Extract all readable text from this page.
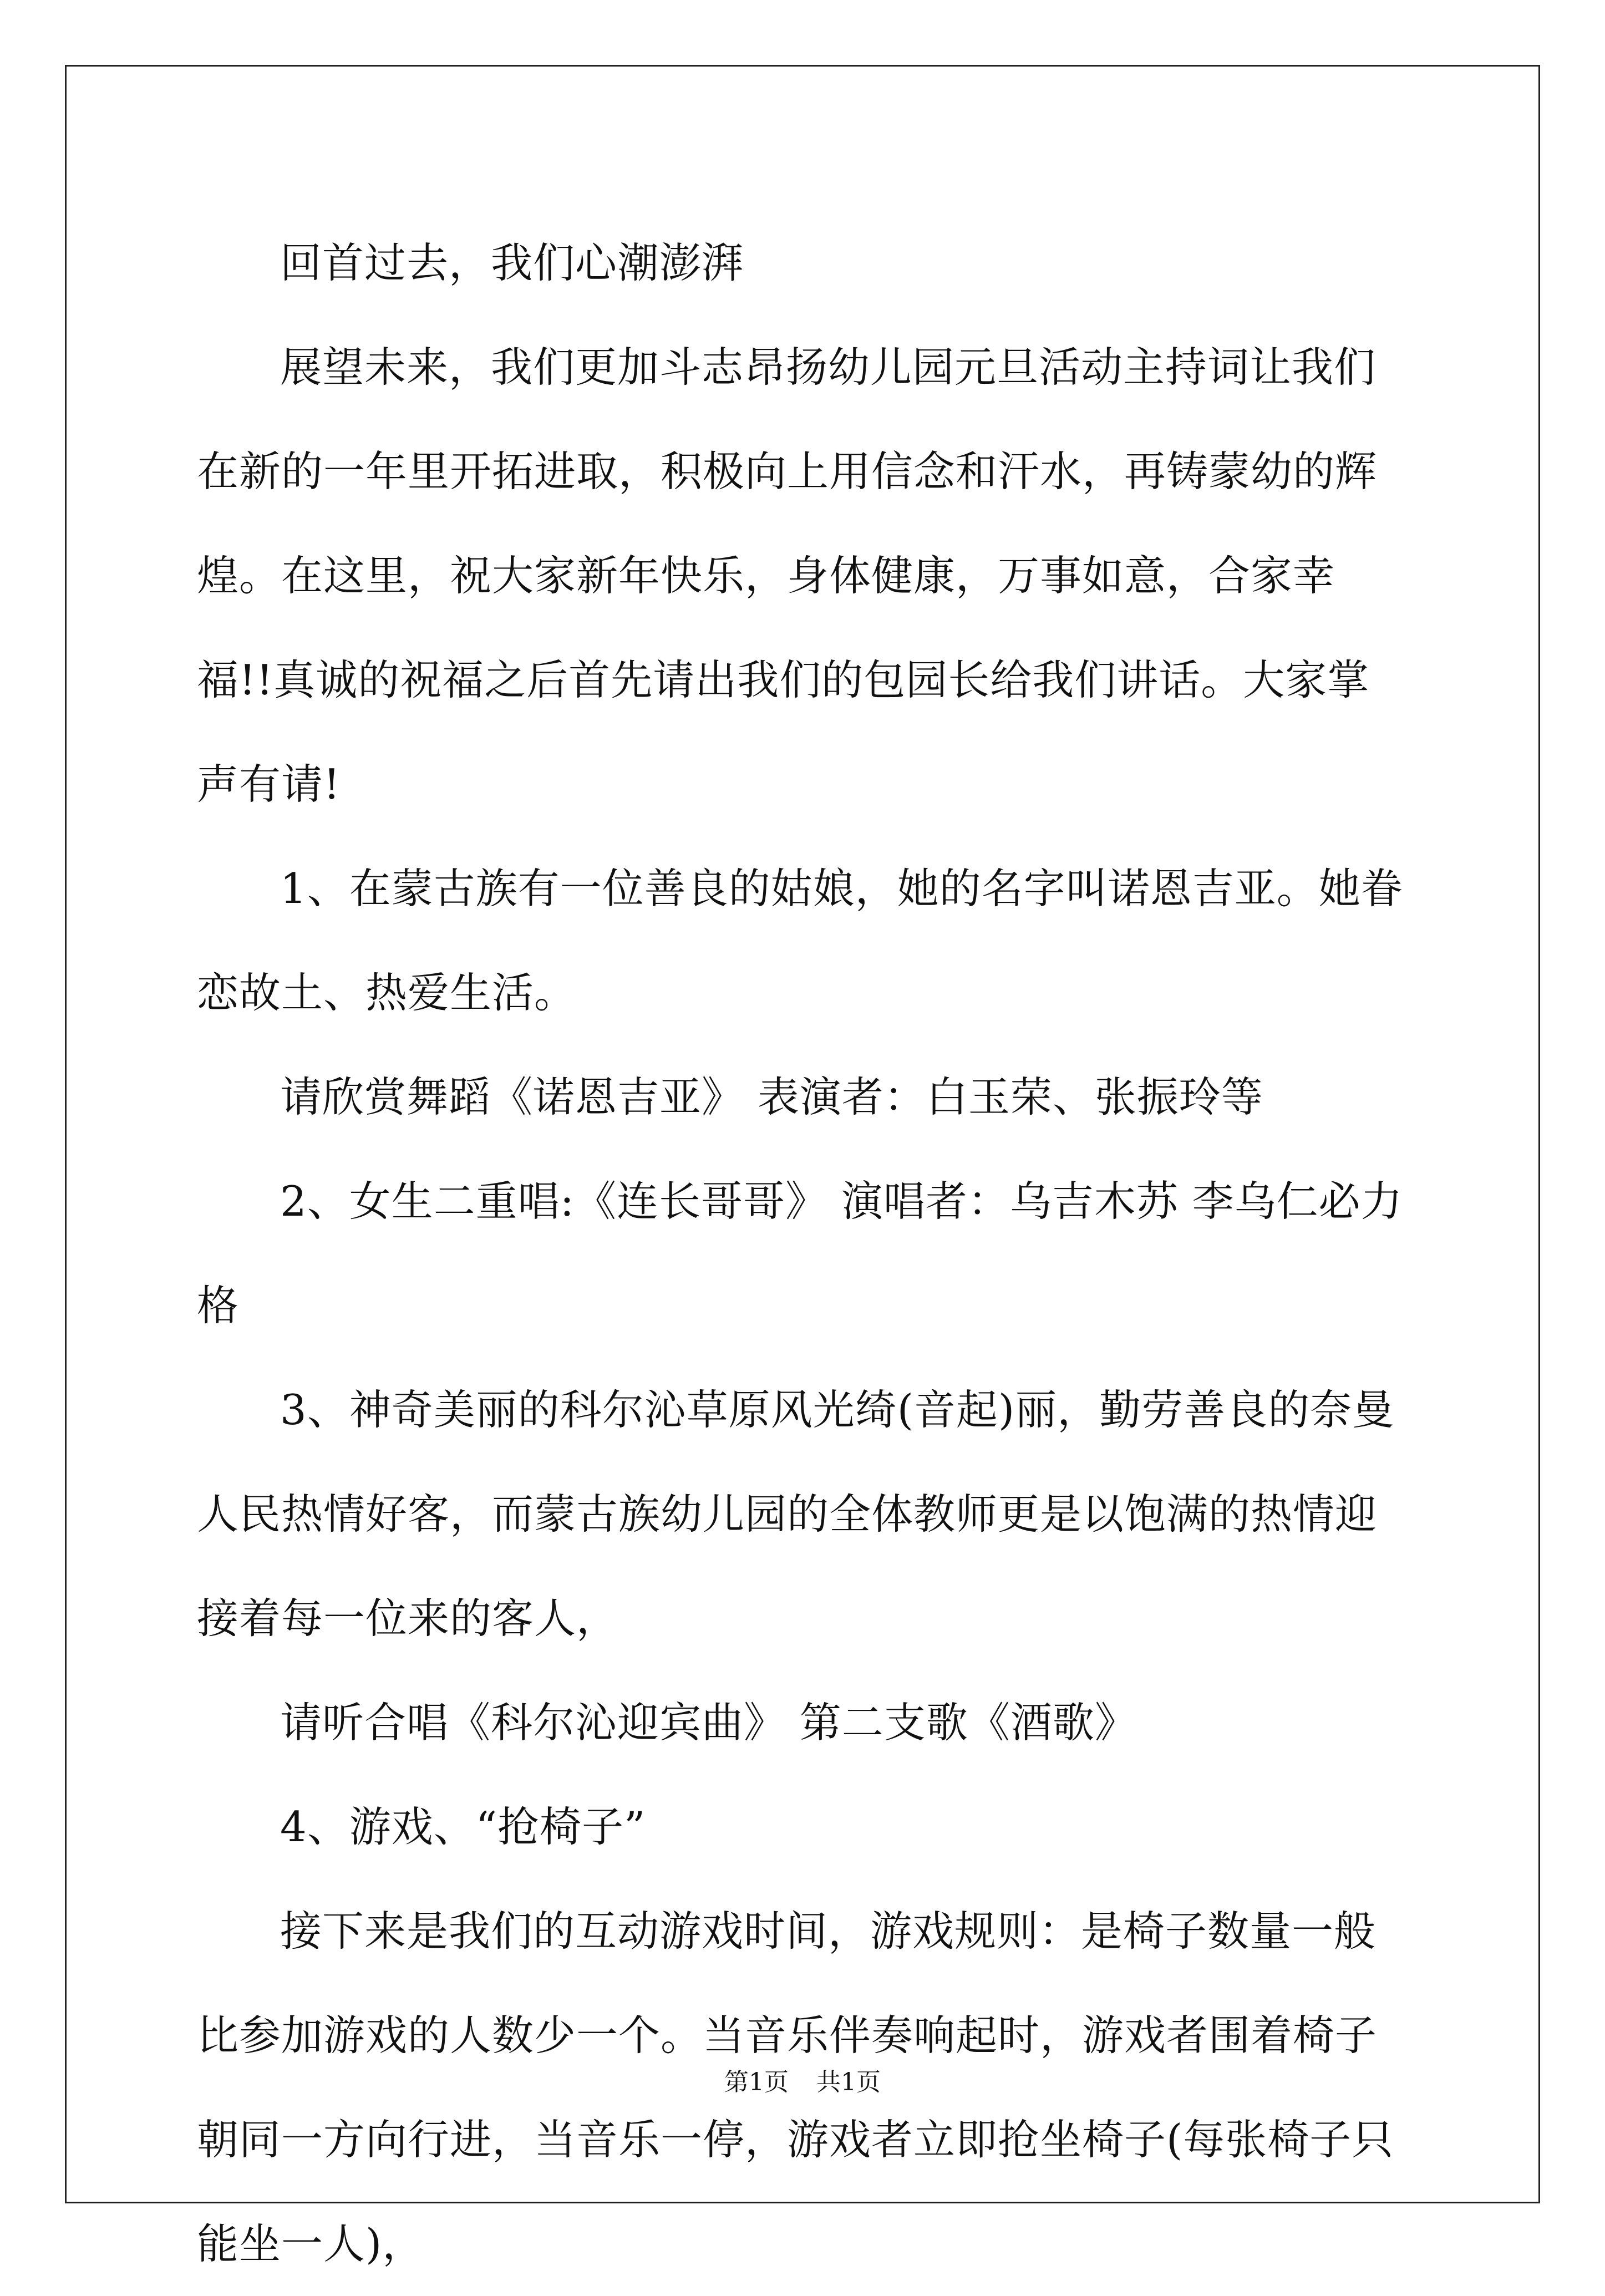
回首过去，我们心潮澎湃

展望未来，我们更加斗志昂扬幼儿园元旦活动主持词让我们在新的一年里开拓进取，积极向上用信念和汗水，再铸蒙幼的辉煌。在这里，祝大家新年快乐，身体健康，万事如意，合家幸福!!真诚的祝福之后首先请出我们的包园长给我们讲话。大家掌声有请!

1、在蒙古族有一位善良的姑娘，她的名字叫诺恩吉亚。她眷恋故土、热爱生活。

请欣赏舞蹈《诺恩吉亚》 表演者：白玉荣、张振玲等

2、女生二重唱:《连长哥哥》 演唱者：乌吉木苏 李乌仁必力格

3、神奇美丽的科尔沁草原风光绮(音起)丽，勤劳善良的奈曼人民热情好客，而蒙古族幼儿园的全体教师更是以饱满的热情迎接着每一位来的客人，

请听合唱《科尔沁迎宾曲》 第二支歌《酒歌》

4、游戏、“抢椅子”

接下来是我们的互动游戏时间，游戏规则：是椅子数量一般比参加游戏的人数少一个。当音乐伴奏响起时，游戏者围着椅子朝同一方向行进，当音乐一停，游戏者立即抢坐椅子(每张椅子只能坐一人)，

第1页 共1页
